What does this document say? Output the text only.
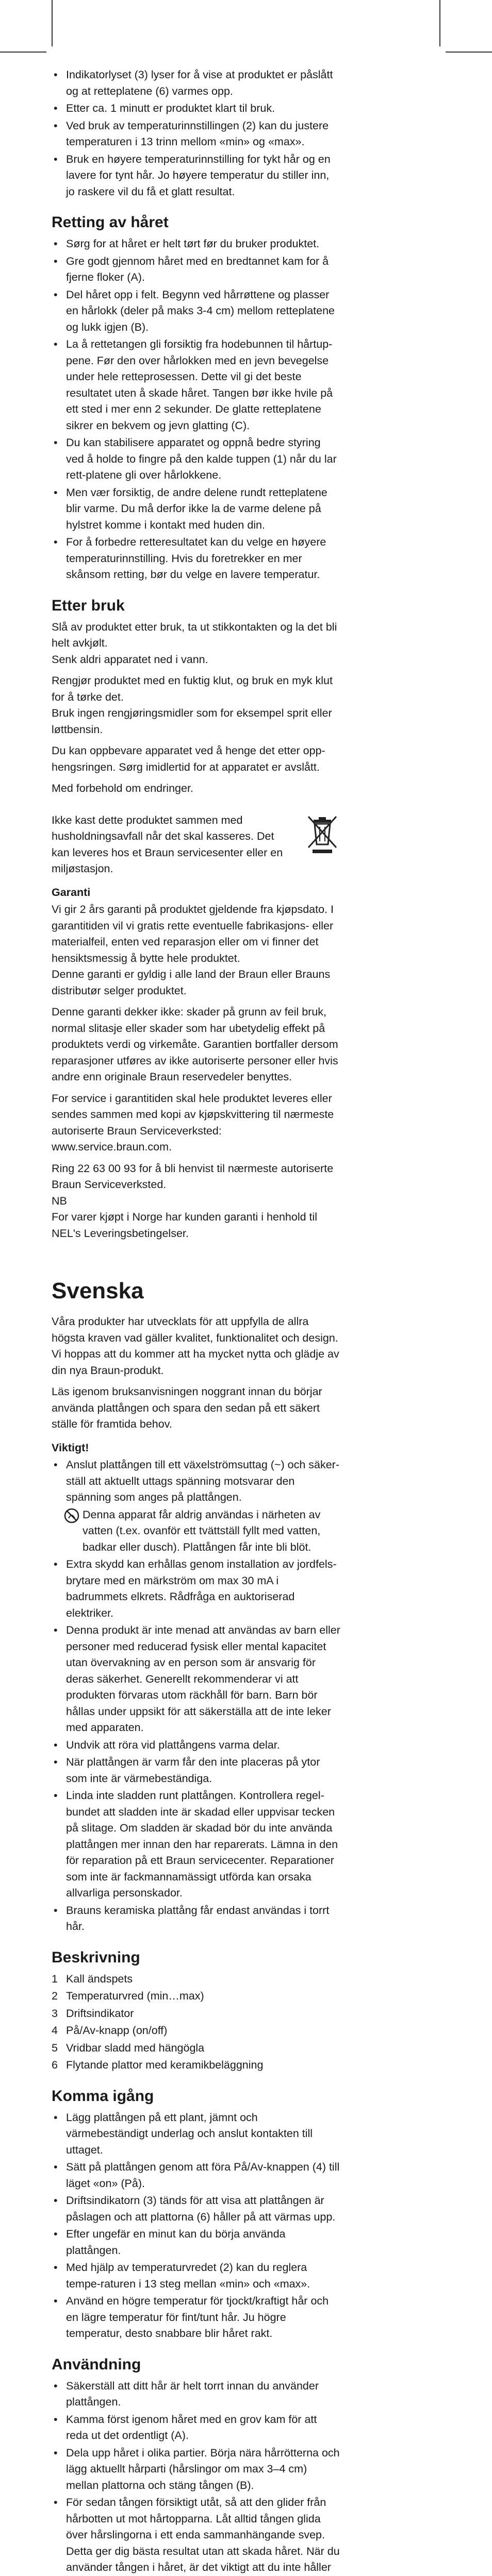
• Indikatorlyset (3) lyser for å vise at produktet er påslått og at retteplatene (6) varmes opp.
• Etter ca. 1 minutt er produktet klart til bruk.
• Ved bruk av temperaturinnstillingen (2) kan du justere temperaturen i 13 trinn mellom «min» og «max».
• Bruk en høyere temperaturinnstilling for tykt hår og en lavere for tynt hår. Jo høyere temperatur du stiller inn, jo raskere vil du få et glatt resultat.
Retting av håret
• Sørg for at håret er helt tørt før du bruker produktet.
• Gre godt gjennom håret med en bredtannet kam for å fjerne floker (A).
• Del håret opp i felt. Begynn ved hårrøttene og plasser en hårlokk (deler på maks 3-4 cm) mellom retteplatene og lukk igjen (B).
• La å rettetangen gli forsiktig fra hodebunnen til hårtup-pene. Før den over hårlokken med en jevn bevegelse under hele retteprosessen. Dette vil gi det beste resultatet uten å skade håret. Tangen bør ikke hvile på ett sted i mer enn 2 sekunder. De glatte retteplatene sikrer en bekvem og jevn glatting (C).
• Du kan stabilisere apparatet og oppnå bedre styring ved å holde to fingre på den kalde tuppen (1) når du lar rett-platene gli over hårlokkene.
• Men vær forsiktig, de andre delene rundt retteplatene blir varme. Du må derfor ikke la de varme delene på hylstret komme i kontakt med huden din.
• For å forbedre retteresultatet kan du velge en høyere temperaturinnstilling. Hvis du foretrekker en mer skånsom retting, bør du velge en lavere temperatur.
Etter bruk

Slå av produktet etter bruk, ta ut stikkontakten og la det bli helt avkjølt.
Senk aldri apparatet ned i vann.

Rengjør produktet med en fuktig klut, og bruk en myk klut for å tørke det.
Bruk ingen rengjøringsmidler som for eksempel sprit eller løttbensin.

Du kan oppbevare apparatet ved å henge det etter opp-hengsringen. Sørg imidlertid for at apparatet er avslått.

Med forbehold om endringer.

Ikke kast dette produktet sammen med husholdningsavfall når det skal kasseres. Det kan leveres hos et Braun servicesenter eller en miljøstasjon.

Garanti

Vi gir 2 års garanti på produktet gjeldende fra kjøpsdato. I garantitiden vil vi gratis rette eventuelle fabrikasjons- eller materialfeil, enten ved reparasjon eller om vi finner det hensiktsmessig å bytte hele produktet.
Denne garanti er gyldig i alle land der Braun eller Brauns distributør selger produktet.

Denne garanti dekker ikke: skader på grunn av feil bruk, normal slitasje eller skader som har ubetydelig effekt på produktets verdi og virkemåte. Garantien bortfaller dersom reparasjoner utføres av ikke autoriserte personer eller hvis andre enn originale Braun reservedeler benyttes.

For service i garantitiden skal hele produktet leveres eller sendes sammen med kopi av kjøpskvittering til nærmeste autoriserte Braun Serviceverksted: www.service.braun.com.

Ring 22 63 00 93 for å bli henvist til nærmeste autoriserte Braun Serviceverksted.
NB
For varer kjøpt i Norge har kunden garanti i henhold til NEL's Leveringsbetingelser.

Svenska

Våra produkter har utvecklats för att uppfylla de allra högsta kraven vad gäller kvalitet, funktionalitet och design. Vi hoppas att du kommer att ha mycket nytta och glädje av din nya Braun-produkt.

Läs igenom bruksanvisningen noggrant innan du börjar använda plattången och spara den sedan på ett säkert ställe för framtida behov.

Viktigt!
• Anslut plattången till ett växelströmsuttag (~) och säker-ställ att aktuellt uttags spänning motsvarar den spänning som anges på plattången.
Denna apparat får aldrig användas i närheten av vatten (t.ex. ovanför ett tvättställ fyllt med vatten, badkar eller dusch). Plattången får inte bli blöt.
• Extra skydd kan erhållas genom installation av jordfels-brytare med en märkström om max 30 mA i badrummets elkrets. Rådfråga en auktoriserad elektriker.
• Denna produkt är inte menad att användas av barn eller personer med reducerad fysisk eller mental kapacitet utan övervakning av en person som är ansvarig för deras säkerhet. Generellt rekommenderar vi att produkten förvaras utom räckhåll för barn. Barn bör hållas under uppsikt för att säkerställa att de inte leker med apparaten.
• Undvik att röra vid plattångens varma delar.
• När plattången är varm får den inte placeras på ytor som inte är värmebeständiga.
• Linda inte sladden runt plattången. Kontrollera regel-bundet att sladden inte är skadad eller uppvisar tecken på slitage. Om sladden är skadad bör du inte använda plattången mer innan den har reparerats. Lämna in den för reparation på ett Braun servicecenter. Reparationer som inte är fackmannamässigt utförda kan orsaka allvarliga personskador.
• Brauns keramiska plattång får endast användas i torrt hår.
Beskrivning
1 Kall ändspets
2 Temperaturvred (min…max)
3 Driftsindikator
4 På/Av-knapp (on/off)
5 Vridbar sladd med hängögla
6 Flytande plattor med keramikbeläggning
Komma igång
• Lägg plattången på ett plant, jämnt och värmebeständigt underlag och anslut kontakten till uttaget.
• Sätt på plattången genom att föra På/Av-knappen (4) till läget «on» (På).
• Driftsindikatorn (3) tänds för att visa att plattången är påslagen och att plattorna (6) håller på att värmas upp.
• Efter ungefär en minut kan du börja använda plattången.
• Med hjälp av temperaturvredet (2) kan du reglera tempe-raturen i 13 steg mellan «min» och «max».
• Använd en högre temperatur för tjockt/kraftigt hår och en lägre temperatur för fint/tunt hår. Ju högre temperatur, desto snabbare blir håret rakt.
Användning
• Säkerställ att ditt hår är helt torrt innan du använder plattången.
• Kamma först igenom håret med en grov kam för att reda ut det ordentligt (A).
• Dela upp håret i olika partier. Börja nära hårrötterna och lägg aktuellt hårparti (hårslingor om max 3–4 cm) mellan plattorna och stäng tången (B).
• För sedan tången försiktigt utåt, så att den glider från hårbotten ut mot hårtopparna. Låt alltid tången glida över hårslingorna i ett enda sammanhängande svep. Detta ger dig bästa resultat utan att skada håret. När du använder tången i håret, är det viktigt att du inte håller
